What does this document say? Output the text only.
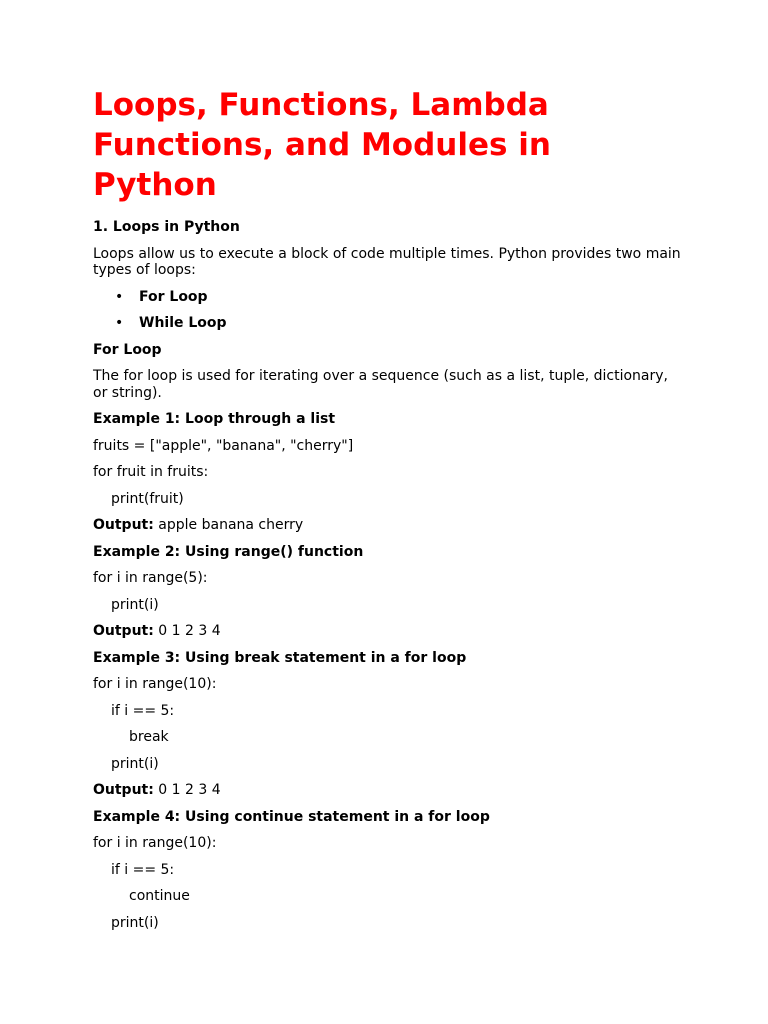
Loops, Functions, Lambda Functions, and Modules in Python

1. Loops in Python

Loops allow us to execute a block of code multiple times. Python provides two main types of loops:

• For Loop
• While Loop

For Loop

The for loop is used for iterating over a sequence (such as a list, tuple, dictionary, or string).

Example 1: Loop through a list

fruits = ["apple", "banana", "cherry"]

for fruit in fruits:

print(fruit)

Output: apple banana cherry

Example 2: Using range() function

for i in range(5):

print(i)

Output: 0 1 2 3 4

Example 3: Using break statement in a for loop

for i in range(10):

if i == 5:

break

print(i)

Output: 0 1 2 3 4

Example 4: Using continue statement in a for loop

for i in range(10):

if i == 5:

continue

print(i)
